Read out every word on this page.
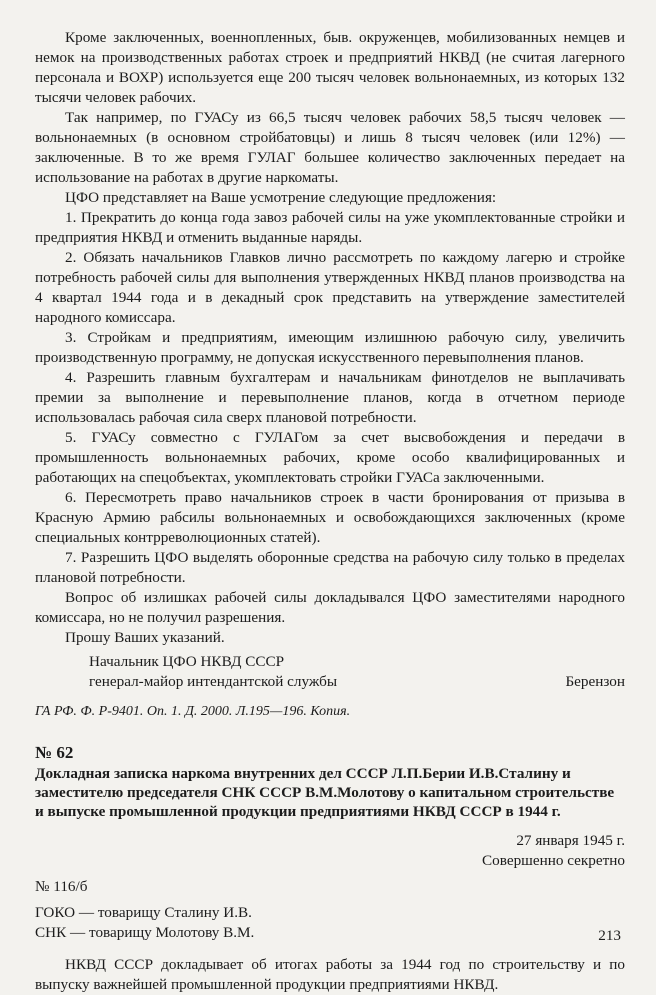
Кроме заключенных, военнопленных, быв. окруженцев, мобилизованных немцев и немок на производственных работах строек и предприятий НКВД (не считая лагерного персонала и ВОХР) используется еще 200 тысяч человек вольнонаемных, из которых 132 тысячи человек рабочих.

Так например, по ГУАСу из 66,5 тысяч человек рабочих 58,5 тысяч человек — вольнонаемных (в основном стройбатовцы) и лишь 8 тысяч человек (или 12%) — заключенные. В то же время ГУЛАГ большее количество заключенных передает на использование на работах в другие наркоматы.

ЦФО представляет на Ваше усмотрение следующие предложения:

1. Прекратить до конца года завоз рабочей силы на уже укомплектованные стройки и предприятия НКВД и отменить выданные наряды.

2. Обязать начальников Главков лично рассмотреть по каждому лагерю и стройке потребность рабочей силы для выполнения утвержденных НКВД планов производства на 4 квартал 1944 года и в декадный срок представить на утверждение заместителей народного комиссара.

3. Стройкам и предприятиям, имеющим излишнюю рабочую силу, увеличить производственную программу, не допуская искусственного перевыполнения планов.

4. Разрешить главным бухгалтерам и начальникам финотделов не выплачивать премии за выполнение и перевыполнение планов, когда в отчетном периоде использовалась рабочая сила сверх плановой потребности.

5. ГУАСу совместно с ГУЛАГом за счет высвобождения и передачи в промышленность вольнонаемных рабочих, кроме особо квалифицированных и работающих на спецобъектах, укомплектовать стройки ГУАСа заключенными.

6. Пересмотреть право начальников строек в части бронирования от призыва в Красную Армию рабсилы вольнонаемных и освобождающихся заключенных (кроме специальных контрреволюционных статей).

7. Разрешить ЦФО выделять оборонные средства на рабочую силу только в пределах плановой потребности.

Вопрос об излишках рабочей силы докладывался ЦФО заместителями народного комиссара, но не получил разрешения.

Прошу Ваших указаний.

Начальник ЦФО НКВД СССР
генерал-майор интендантской службы	Берензон
ГА РФ. Ф. Р-9401. Оп. 1. Д. 2000. Л.195—196. Копия.
№ 62
Докладная записка наркома внутренних дел СССР Л.П.Берии И.В.Сталину и заместителю председателя СНК СССР В.М.Молотову о капитальном строительстве и выпуске промышленной продукции предприятиями НКВД СССР в 1944 г.
27 января 1945 г.
Совершенно секретно

№ 116/б

ГОКО — товарищу Сталину И.В.

СНК — товарищу Молотову В.М.

НКВД СССР докладывает об итогах работы за 1944 год по строительству и по выпуску важнейшей промышленной продукции предприятиями НКВД.

213
